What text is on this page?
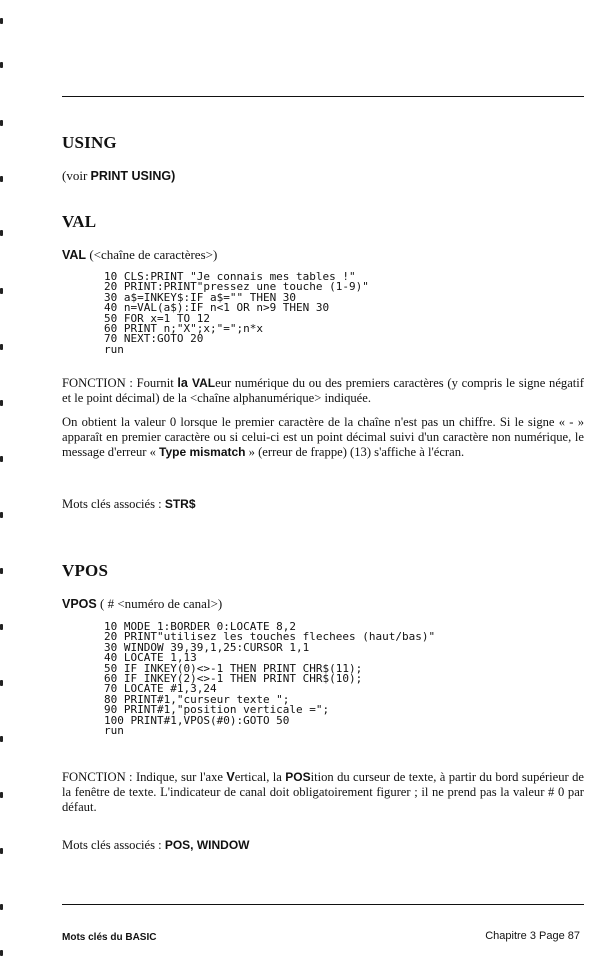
USING
(voir PRINT USING)
VAL
VAL (<chaîne de caractères>)
10 CLS:PRINT "Je connais mes tables !"
20 PRINT:PRINT"pressez une touche (1-9)"
30 a$=INKEY$:IF a$="" THEN 30
40 n=VAL(a$):IF n<1 OR n>9 THEN 30
50 FOR x=1 TO 12
60 PRINT n;"X";x;"=";n*x
70 NEXT:GOTO 20
run

FONCTION : Fournit la VALeur numérique du ou des premiers caractères (y compris le signe négatif et le point décimal) de la <chaîne alphanumérique> indiquée.

On obtient la valeur 0 lorsque le premier caractère de la chaîne n'est pas un chiffre. Si le signe « - » apparaît en premier caractère ou si celui-ci est un point décimal suivi d'un caractère non numérique, le message d'erreur « Type mismatch » (erreur de frappe) (13) s'affiche à l'écran.

Mots clés associés : STR$

VPOS
VPOS ( # <numéro de canal>)
10 MODE 1:BORDER 0:LOCATE 8,2
20 PRINT"utilisez les touches flechees (haut/bas)"
30 WINDOW 39,39,1,25:CURSOR 1,1
40 LOCATE 1,13
50 IF INKEY(0)<>-1 THEN PRINT CHR$(11);
60 IF INKEY(2)<>-1 THEN PRINT CHR$(10);
70 LOCATE #1,3,24
80 PRINT#1,"curseur texte ";
90 PRINT#1,"position verticale =";
100 PRINT#1,VPOS(#0):GOTO 50
run

FONCTION : Indique, sur l'axe Vertical, la POSition du curseur de texte, à partir du bord supérieur de la fenêtre de texte. L'indicateur de canal doit obligatoirement figurer ; il ne prend pas la valeur # 0 par défaut.

Mots clés associés : POS, WINDOW

Mots clés du BASIC	Chapitre 3 Page 87
